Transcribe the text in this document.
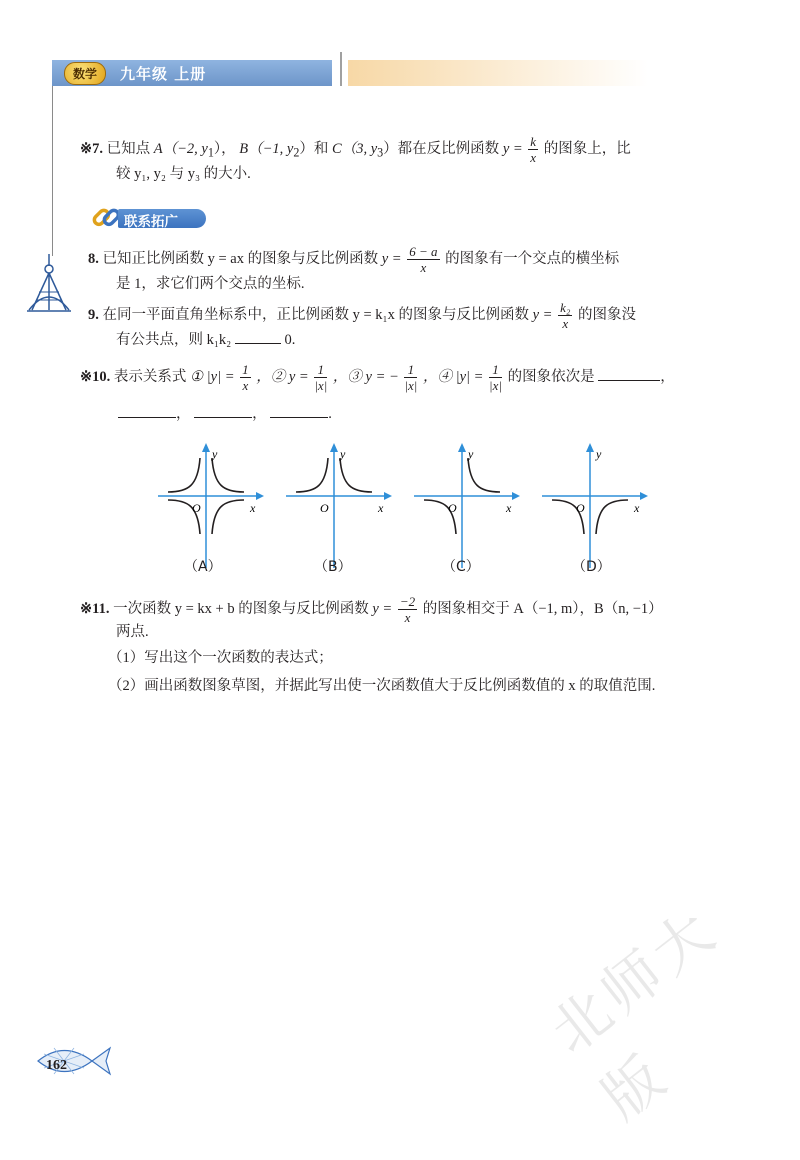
数学	九年级 上册
※7. 已知点 A（−2, $y_1$）， B（−1, $y_2$）和 C（3, $y_3$）都在反比例函数 $y = \frac{k}{x}$ 的图象上，比
较 y₁, y₂ 与 y₃ 的大小.
联系拓广
8. 已知正比例函数 y = ax 的图象与反比例函数 $y = \frac{6 - a}{x}$ 的图象有一个交点的横坐标
是 1，求它们两个交点的坐标.
9. 在同一平面直角坐标系中，正比例函数 y = k₁x 的图象与反比例函数 $y = \frac{\text{k₂}}{x}$ 的图象没
有公共点，则 k₁k₂	0.
※10. 表示关系式 ① $|y| = \frac{1}{x}$ ，② $y = \frac{1}{|x|}$ ，③ y = − $\frac{1}{|x|}$ ，④ $|y| = \frac{1}{|x|}$ 的图象依次是	，
，	，	.
y
x
O
（A）
y
x
O
（B）
y
x
O
（C）
y
x
O
（D）
※11. 一次函数 y = kx + b 的图象与反比例函数 $y = \frac{-2}{x}$ 的图象相交于 A（−1, m），B（n, −1）
两点.
（1）写出这个一次函数的表达式；
（2）画出函数图象草图，并据此写出使一次函数值大于反比例函数值的 x 的取值范围.
162	北师大版
